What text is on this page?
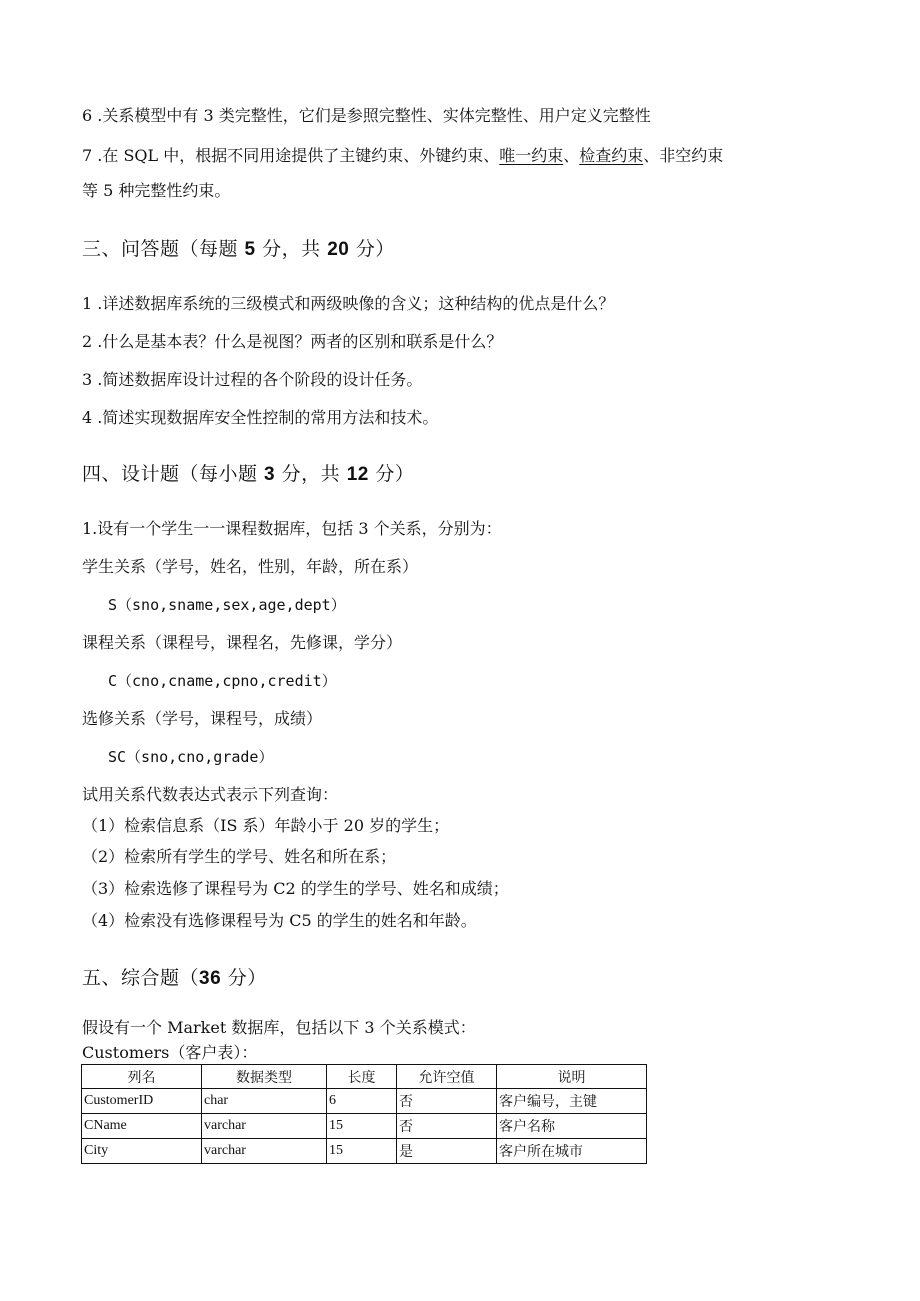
6 .关系模型中有 3 类完整性，它们是参照完整性、实体完整性、用户定义完整性
7 .在 SQL 中，根据不同用途提供了主键约束、外键约束、唯一约束、检查约束、非空约束
等 5 种完整性约束。
三、问答题（每题 5 分，共 20 分）
1 .详述数据库系统的三级模式和两级映像的含义；这种结构的优点是什么？
2 .什么是基本表？什么是视图？两者的区别和联系是什么？
3 .简述数据库设计过程的各个阶段的设计任务。
4 .简述实现数据库安全性控制的常用方法和技术。
四、设计题（每小题 3 分，共 12 分）
1.设有一个学生一一课程数据库，包括 3 个关系，分别为：
学生关系（学号，姓名，性别，年龄，所在系）
S（sno,sname,sex,age,dept）
课程关系（课程号，课程名，先修课，学分）
C（cno,cname,cpno,credit）
选修关系（学号，课程号，成绩）
SC（sno,cno,grade）
试用关系代数表达式表示下列查询：
（1）检索信息系（IS 系）年龄小于 20 岁的学生；
（2）检索所有学生的学号、姓名和所在系；
（3）检索选修了课程号为 C2 的学生的学号、姓名和成绩；
（4）检索没有选修课程号为 C5 的学生的姓名和年龄。
五、综合题（36 分）
假设有一个 Market 数据库，包括以下 3 个关系模式：
Customers（客户表）：
列名	数据类型	长度	允许空值	说明
CustomerID	char	6	否	客户编号，主键
CName	varchar	15	否	客户名称
City	varchar	15	是	客户所在城市
